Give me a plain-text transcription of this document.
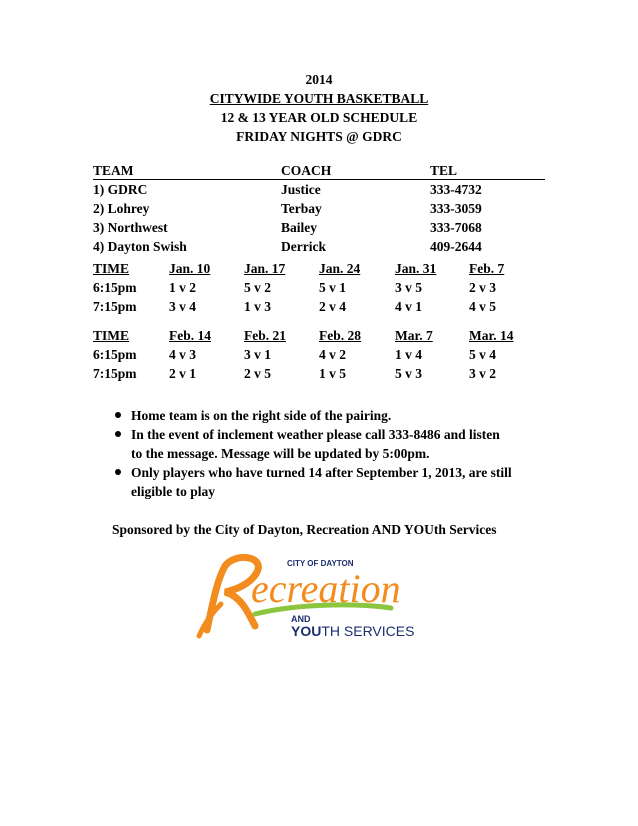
2014
CITYWIDE YOUTH BASKETBALL
12 & 13 YEAR OLD SCHEDULE
FRIDAY NIGHTS @ GDRC
TEAM	COACH	TEL
1) GDRC	Justice	333-4732
2) Lohrey	Terbay	333-3059
3) Northwest	Bailey	333-7068
4) Dayton Swish	Derrick	409-2644
TIME	Jan. 10 Jan. 17 Jan. 24	Jan. 31 Feb. 7
6:15pm 1 v 2	5 v 2	5 v 1	3 v 5	2 v 3
7:15pm 3 v 4	1 v 3	2 v 4	4 v 1	4 v 5
TIME	Feb. 14 Feb. 21 Feb. 28	Mar. 7	Mar. 14
6:15pm 4 v 3	3 v 1	4 v 2	1 v 4	5 v 4
7:15pm 2 v 1	2 v 5	1 v 5	5 v 3	3 v 2
Home team is on the right side of the pairing.
In the event of inclement weather please call 333-8486 and listen
to the message. Message will be updated by 5:00pm.
Only players who have turned 14 after September 1, 2013, are still
eligible to play
Sponsored by the City of Dayton, Recreation AND YOUth Services
CITY OF DAYTON
ecreation
AND
YOUTH SERVICES
